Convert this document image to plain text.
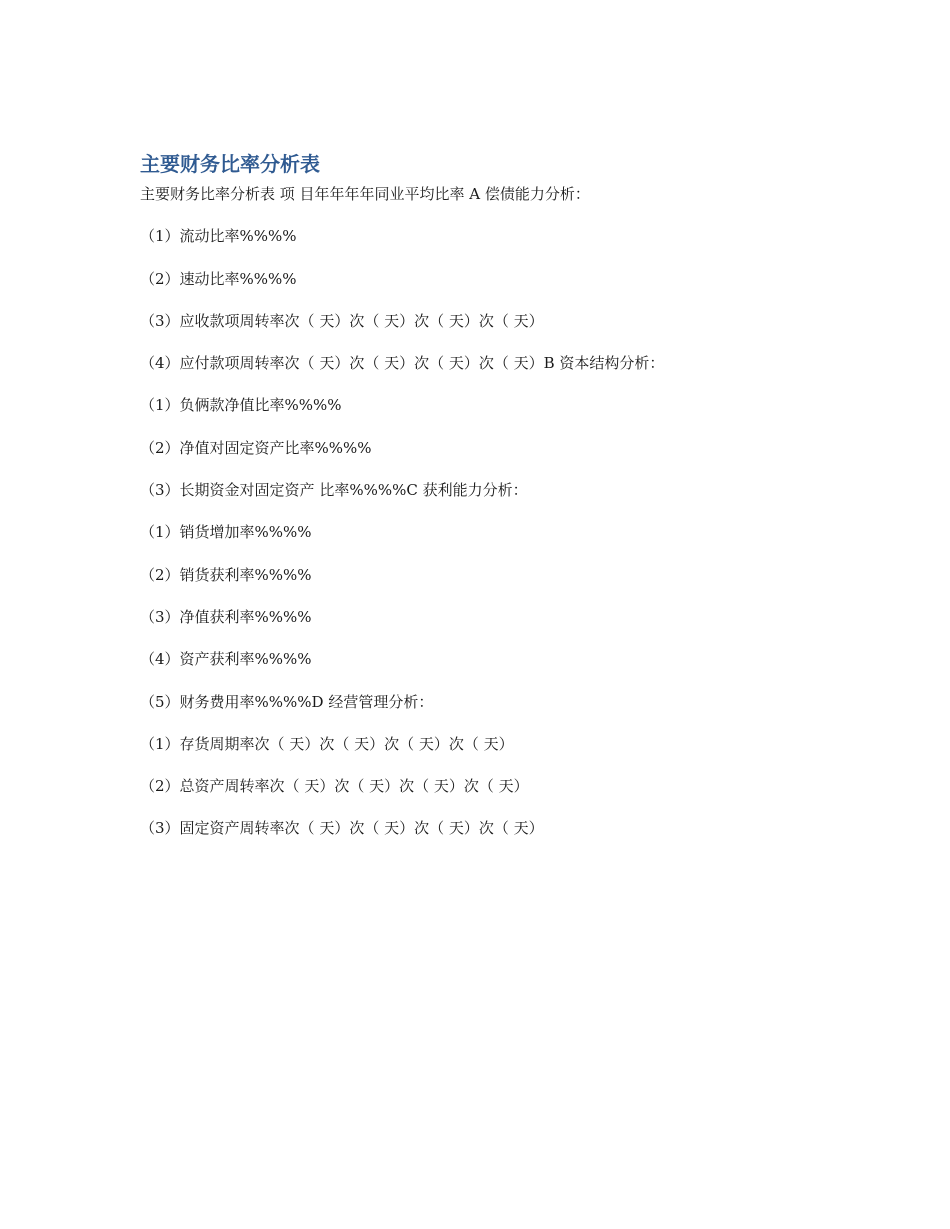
主要财务比率分析表

主要财务比率分析表 项 目年年年年同业平均比率 A 偿债能力分析：

（1）流动比率%%%%

（2）速动比率%%%%

（3）应收款项周转率次（ 天）次（ 天）次（ 天）次（ 天）

（4）应付款项周转率次（ 天）次（ 天）次（ 天）次（ 天）B 资本结构分析：

（1）负俩款净值比率%%%%

（2）净值对固定资产比率%%%%

（3）长期资金对固定资产 比率%%%%C 获利能力分析：

（1）销货增加率%%%%

（2）销货获利率%%%%

（3）净值获利率%%%%

（4）资产获利率%%%%

（5）财务费用率%%%%D 经营管理分析：

（1）存货周期率次（ 天）次（ 天）次（ 天）次（ 天）

（2）总资产周转率次（ 天）次（ 天）次（ 天）次（ 天）

（3）固定资产周转率次（ 天）次（ 天）次（ 天）次（ 天）
